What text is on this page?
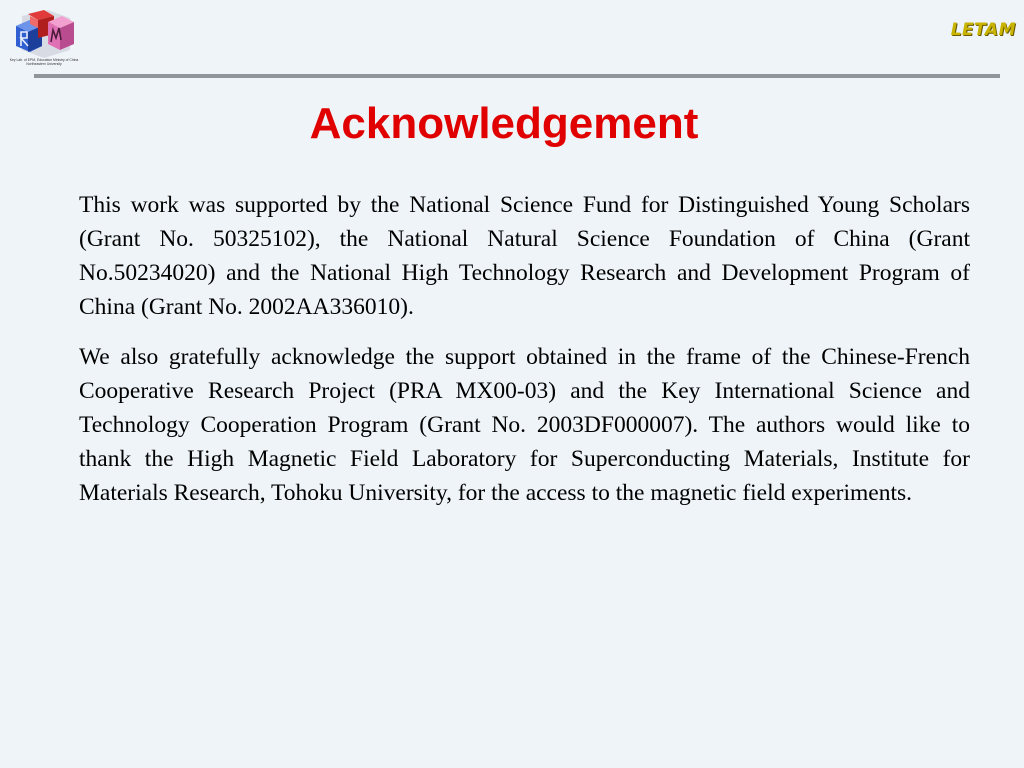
Key Lab. of EPM, Education Ministry of China
Northeastern University
LETAM
Acknowledgement

This work was supported by the National Science Fund for Distinguished Young Scholars (Grant No. 50325102), the National Natural Science Foundation of China (Grant No.50234020) and the National High Technology Research and Development Program of China (Grant No. 2002AA336010).

We also gratefully acknowledge the support obtained in the frame of the Chinese-French Cooperative Research Project (PRA MX00-03) and the Key International Science and Technology Cooperation Program (Grant No. 2003DF000007). The authors would like to thank the High Magnetic Field Laboratory for Superconducting Materials, Institute for Materials Research, Tohoku University, for the access to the magnetic field experiments.
